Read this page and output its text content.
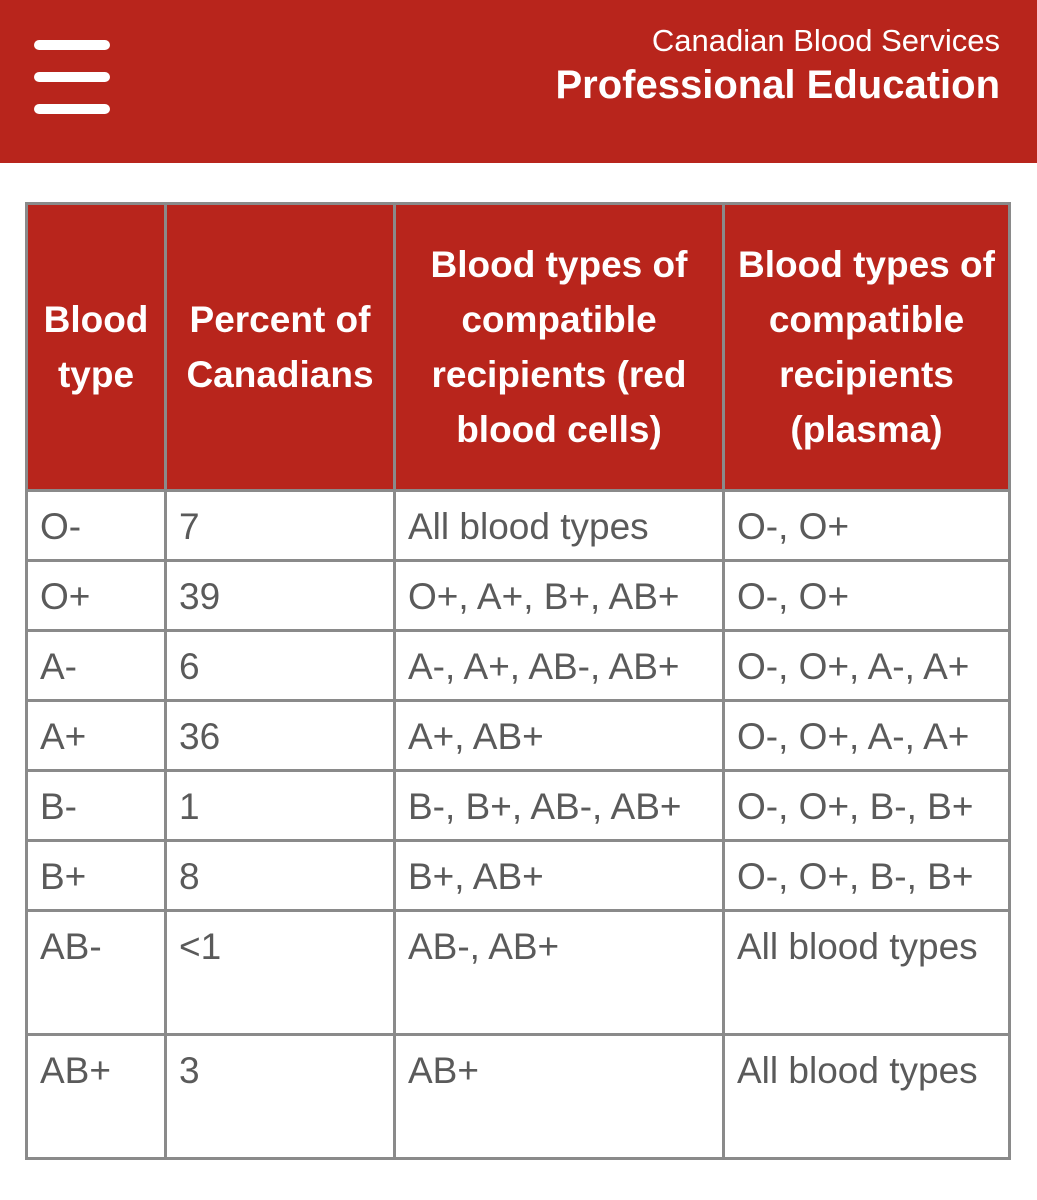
Canadian Blood Services
Professional Education
Blood type	Percent of Canadians	Blood types of compatible recipients (red blood cells)	Blood types of compatible recipients (plasma)
O-	7	All blood types	O-, O+
O+	39	O+, A+, B+, AB+	O-, O+
A-	6	A-, A+, AB-, AB+	O-, O+, A-, A+
A+	36	A+, AB+	O-, O+, A-, A+
B-	1	B-, B+, AB-, AB+	O-, O+, B-, B+
B+	8	B+, AB+	O-, O+, B-, B+
AB-	<1	AB-, AB+	All blood types
AB+	3	AB+	All blood types
